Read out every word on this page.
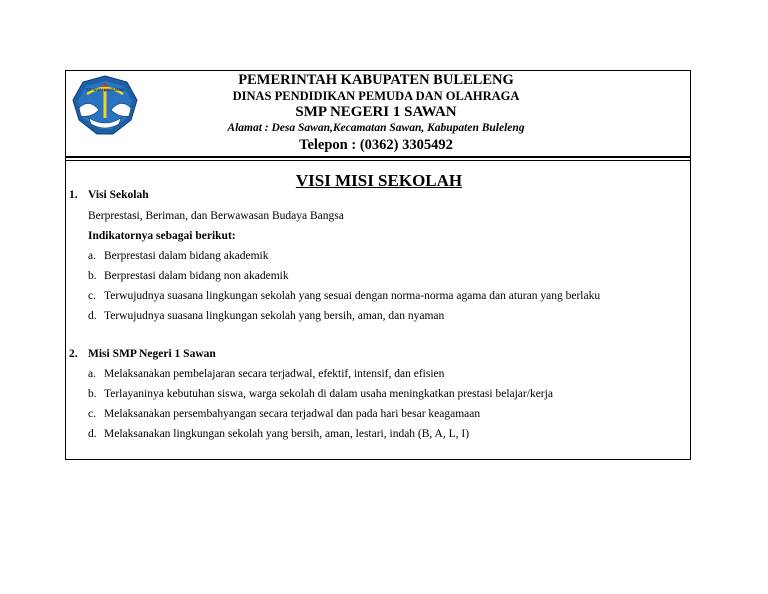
TUT WURI HANDAYANI
PEMERINTAH KABUPATEN BULELENG
DINAS PENDIDIKAN PEMUDA DAN OLAHRAGA
SMP NEGERI 1 SAWAN
Alamat : Desa Sawan,Kecamatan Sawan, Kabupaten Buleleng
Telepon : (0362) 3305492
VISI MISI SEKOLAH
1. Visi Sekolah
Berprestasi, Beriman, dan Berwawasan Budaya Bangsa
Indikatornya sebagai berikut:
a. Berprestasi dalam bidang akademik
b. Berprestasi dalam bidang non akademik
c. Terwujudnya suasana lingkungan sekolah yang sesuai dengan norma-norma agama dan aturan yang berlaku
d. Terwujudnya suasana lingkungan sekolah yang bersih, aman, dan nyaman
2. Misi SMP Negeri 1 Sawan
a. Melaksanakan pembelajaran secara terjadwal, efektif, intensif, dan efisien
b. Terlayaninya kebutuhan siswa, warga sekolah di dalam usaha meningkatkan prestasi belajar/kerja
c. Melaksanakan persembahyangan secara terjadwal dan pada hari besar keagamaan
d. Melaksanakan lingkungan sekolah yang bersih, aman, lestari, indah (B, A, L, I)
